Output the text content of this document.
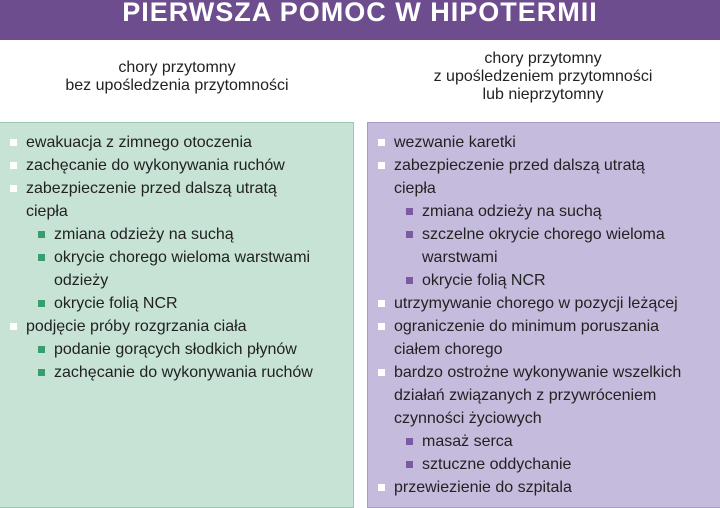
PIERWSZA POMOC W HIPOTERMII
chory przytomny
bez upośledzenia przytomności
chory przytomny
z upośledzeniem przytomności
lub nieprzytomny
ewakuacja z zimnego otoczenia
zachęcanie do wykonywania ruchów
zabezpieczenie przed dalszą utratą
ciepła
zmiana odzieży na suchą
okrycie chorego wieloma warstwami
odzieży
okrycie folią NCR
podjęcie próby rozgrzania ciała
podanie gorących słodkich płynów
zachęcanie do wykonywania ruchów
wezwanie karetki
zabezpieczenie przed dalszą utratą
ciepła
zmiana odzieży na suchą
szczelne okrycie chorego wieloma
warstwami
okrycie folią NCR
utrzymywanie chorego w pozycji leżącej
ograniczenie do minimum poruszania
ciałem chorego
bardzo ostrożne wykonywanie wszelkich
działań związanych z przywróceniem
czynności życiowych
masaż serca
sztuczne oddychanie
przewiezienie do szpitala
